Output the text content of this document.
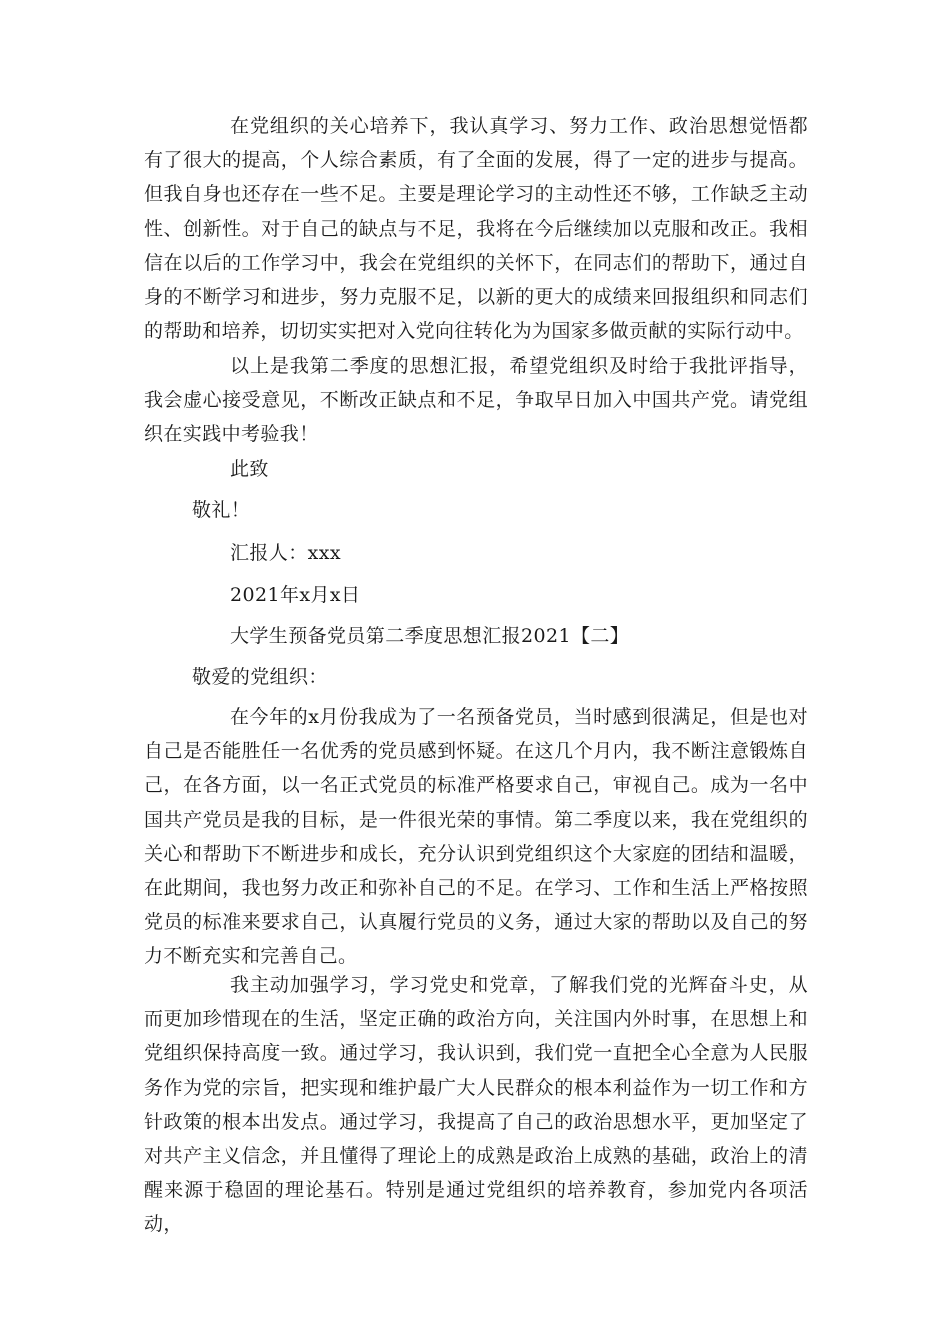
在党组织的关心培养下，我认真学习、努力工作、政治思想觉悟都有了很大的提高，个人综合素质，有了全面的发展，得了一定的进步与提高。但我自身也还存在一些不足。主要是理论学习的主动性还不够，工作缺乏主动性、创新性。对于自己的缺点与不足，我将在今后继续加以克服和改正。我相信在以后的工作学习中，我会在党组织的关怀下，在同志们的帮助下，通过自身的不断学习和进步，努力克服不足，以新的更大的成绩来回报组织和同志们的帮助和培养，切切实实把对入党向往转化为为国家多做贡献的实际行动中。
以上是我第二季度的思想汇报，希望党组织及时给于我批评指导，我会虚心接受意见，不断改正缺点和不足，争取早日加入中国共产党。请党组织在实践中考验我！
此致
敬礼！
汇报人：xxx
2021年x月x日
大学生预备党员第二季度思想汇报2021【二】
敬爱的党组织：
在今年的x月份我成为了一名预备党员，当时感到很满足，但是也对自己是否能胜任一名优秀的党员感到怀疑。在这几个月内，我不断注意锻炼自己，在各方面，以一名正式党员的标准严格要求自己，审视自己。成为一名中国共产党员是我的目标，是一件很光荣的事情。第二季度以来，我在党组织的关心和帮助下不断进步和成长，充分认识到党组织这个大家庭的团结和温暖，在此期间，我也努力改正和弥补自己的不足。在学习、工作和生活上严格按照党员的标准来要求自己，认真履行党员的义务，通过大家的帮助以及自己的努力不断充实和完善自己。
我主动加强学习，学习党史和党章，了解我们党的光辉奋斗史，从而更加珍惜现在的生活，坚定正确的政治方向，关注国内外时事，在思想上和党组织保持高度一致。通过学习，我认识到，我们党一直把全心全意为人民服务作为党的宗旨，把实现和维护最广大人民群众的根本利益作为一切工作和方针政策的根本出发点。通过学习，我提高了自己的政治思想水平，更加坚定了对共产主义信念，并且懂得了理论上的成熟是政治上成熟的基础，政治上的清醒来源于稳固的理论基石。特别是通过党组织的培养教育，参加党内各项活动，
